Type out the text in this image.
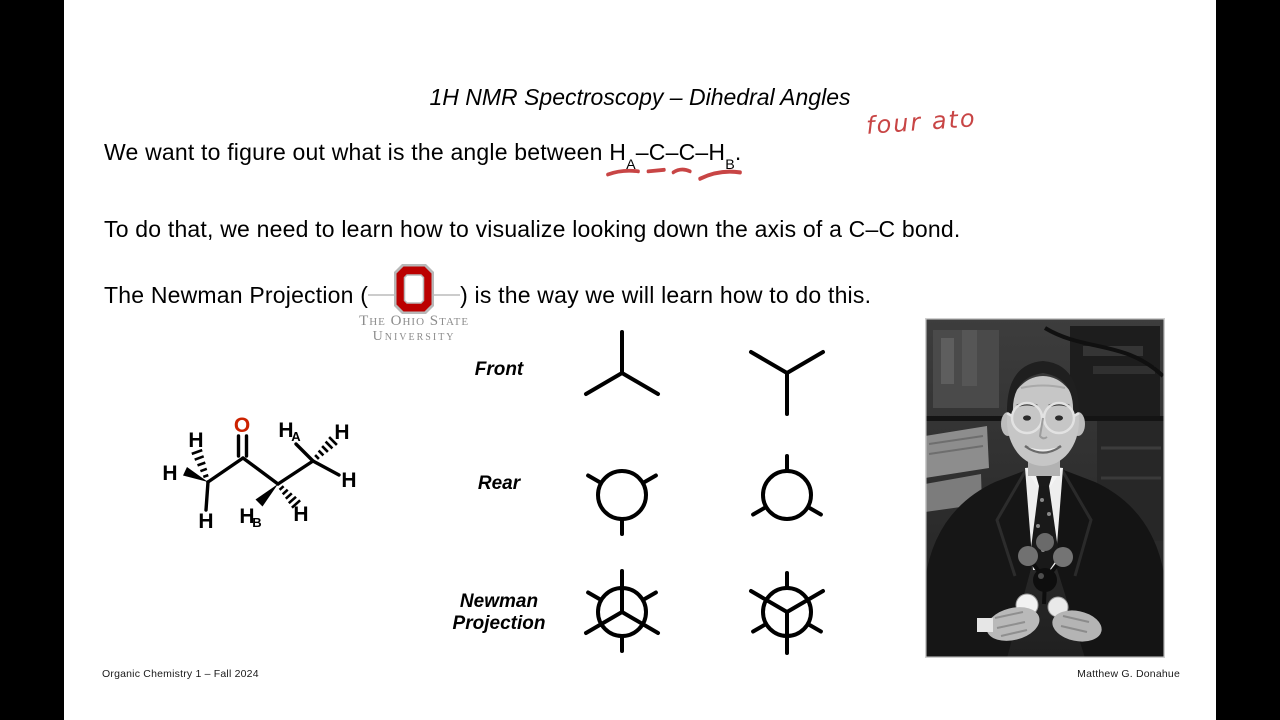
1H NMR Spectroscopy – Dihedral Angles
We want to figure out what is the angle between $H_A-C-C-H_B$.
four ato
To do that, we need to learn how to visualize looking down the axis of a C–C bond.
The Newman Projection (
The Ohio State
University
) is the way we will learn how to do this.
O
H
H
H
H
A H
H
H
B H
Front
Rear
Newman
Projection
Organic Chemistry 1 – Fall 2024	Matthew G. Donahue
